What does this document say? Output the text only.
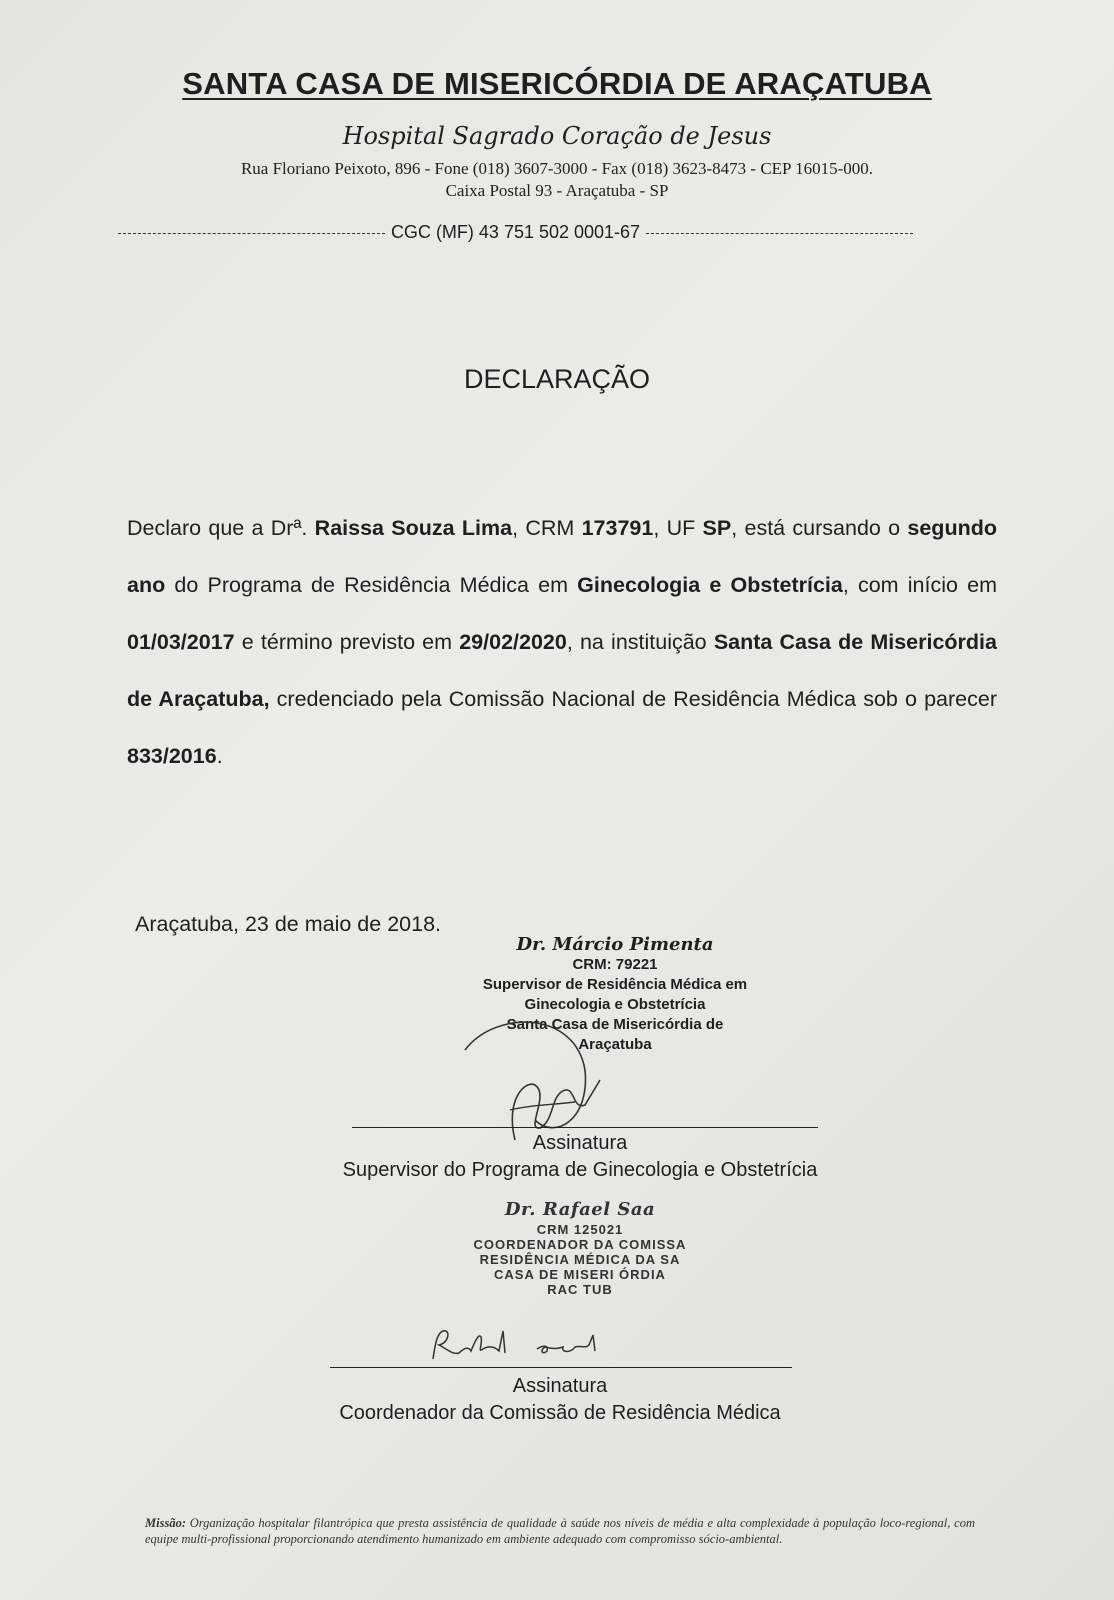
SANTA CASA DE MISERICÓRDIA DE ARAÇATUBA
Hospital Sagrado Coração de Jesus
Rua Floriano Peixoto, 896 - Fone (018) 3607-3000 - Fax (018) 3623-8473 - CEP 16015-000.
Caixa Postal 93 - Araçatuba - SP
CGC (MF) 43 751 502 0001-67
DECLARAÇÃO
Declaro que a Drª. Raissa Souza Lima, CRM 173791, UF SP, está cursando o segundo ano do Programa de Residência Médica em Ginecologia e Obstetrícia, com início em 01/03/2017 e término previsto em 29/02/2020, na instituição Santa Casa de Misericórdia de Araçatuba, credenciado pela Comissão Nacional de Residência Médica sob o parecer 833/2016.
Araçatuba, 23 de maio de 2018.
Dr. Márcio Pimenta
CRM: 79221
Supervisor de Residência Médica em
Ginecologia e Obstetrícia
Santa Casa de Misericórdia de
Araçatuba
Assinatura
Supervisor do Programa de Ginecologia e Obstetrícia
Dr. Rafael Saa
CRM 125021
COORDENADOR DA COMISSA
RESIDÊNCIA MÉDICA DA SA
CASA DE MISERI ÓRDIA
RAC TUB
Assinatura
Coordenador da Comissão de Residência Médica
Missão: Organização hospitalar filantrópica que presta assistência de qualidade à saúde nos níveis de média e alta complexidade à população loco-regional, com equipe multi-profissional proporcionando atendimento humanizado em ambiente adequado com compromisso sócio-ambiental.
